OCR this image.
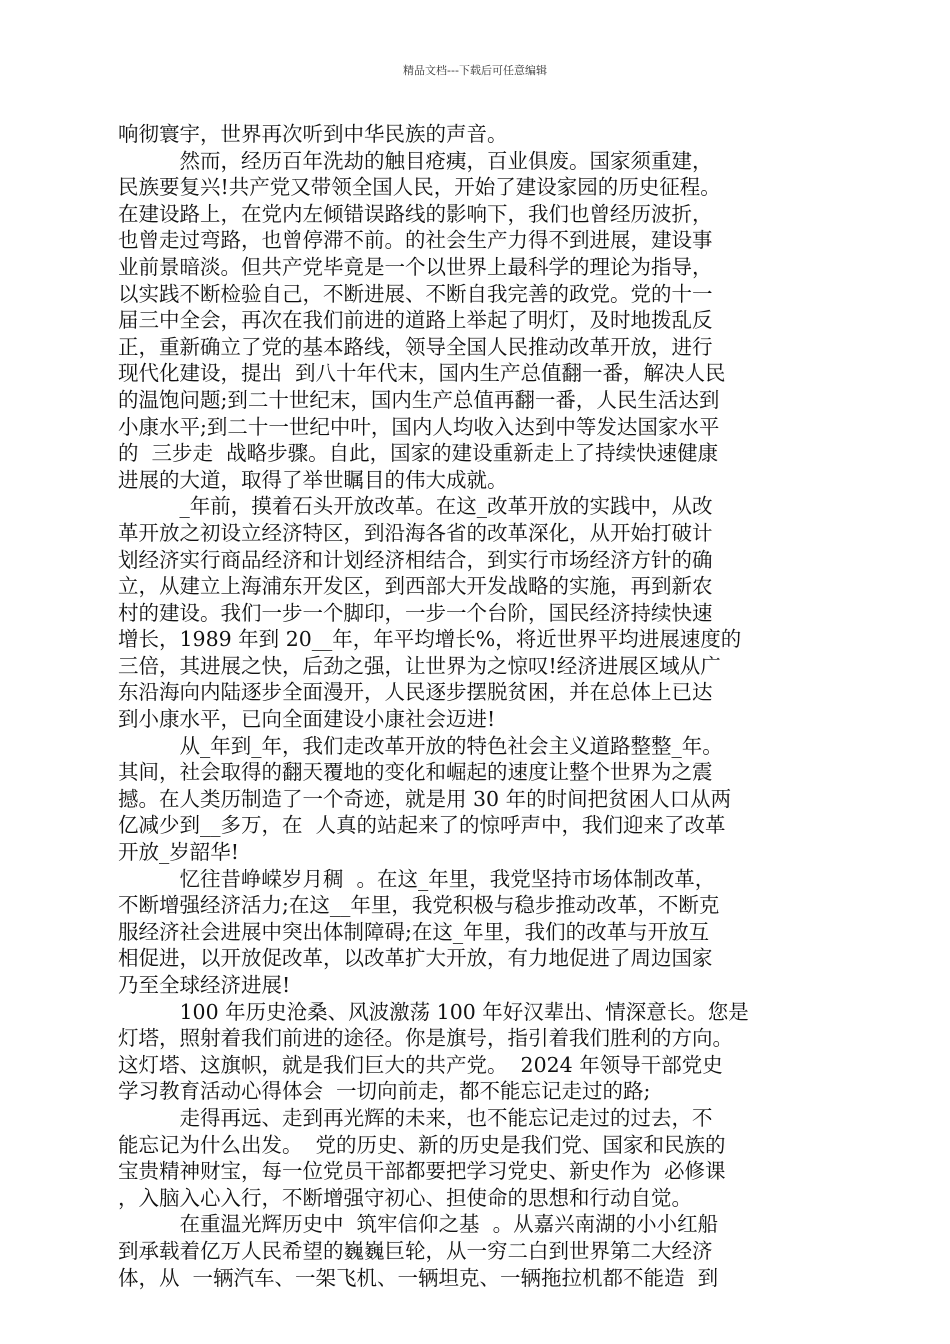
精品文档---下载后可任意编辑
响彻寰宇，世界再次听到中华民族的声音。
　　　然而，经历百年洗劫的触目疮痍，百业俱废。国家须重建，
民族要复兴!共产党又带领全国人民，开始了建设家园的历史征程。
在建设路上，在党内左倾错误路线的影响下，我们也曾经历波折，
也曾走过弯路，也曾停滞不前。的社会生产力得不到进展，建设事
业前景暗淡。但共产党毕竟是一个以世界上最科学的理论为指导，
以实践不断检验自己，不断进展、不断自我完善的政党。党的十一
届三中全会，再次在我们前进的道路上举起了明灯，及时地拨乱反
正，重新确立了党的基本路线，领导全国人民推动改革开放，进行
现代化建设，提出  到八十年代末，国内生产总值翻一番，解决人民
的温饱问题;到二十世纪末，国内生产总值再翻一番，人民生活达到
小康水平;到二十一世纪中叶，国内人均收入达到中等发达国家水平
的  三步走  战略步骤。自此，国家的建设重新走上了持续快速健康
进展的大道，取得了举世瞩目的伟大成就。
　　　_年前，摸着石头开放改革。在这_改革开放的实践中，从改
革开放之初设立经济特区，到沿海各省的改革深化，从开始打破计
划经济实行商品经济和计划经济相结合，到实行市场经济方针的确
立，从建立上海浦东开发区，到西部大开发战略的实施，再到新农
村的建设。我们一步一个脚印，一步一个台阶，国民经济持续快速
增长，1989 年到 20__年，年平均增长%，将近世界平均进展速度的
三倍，其进展之快，后劲之强，让世界为之惊叹!经济进展区域从广
东沿海向内陆逐步全面漫开，人民逐步摆脱贫困，并在总体上已达
到小康水平，已向全面建设小康社会迈进!
　　　从_年到_年，我们走改革开放的特色社会主义道路整整_年。
其间，社会取得的翻天覆地的变化和崛起的速度让整个世界为之震
撼。在人类历制造了一个奇迹，就是用 30 年的时间把贫困人口从两
亿减少到__多万，在  人真的站起来了的惊呼声中，我们迎来了改革
开放_岁韶华!
　　　忆往昔峥嵘岁月稠  。在这_年里，我党坚持市场体制改革，
不断增强经济活力;在这__年里，我党积极与稳步推动改革，不断克
服经济社会进展中突出体制障碍;在这_年里，我们的改革与开放互
相促进，以开放促改革，以改革扩大开放，有力地促进了周边国家
乃至全球经济进展!
　　　100 年历史沧桑、风波激荡 100 年好汉辈出、情深意长。您是
灯塔，照射着我们前进的途径。你是旗号，指引着我们胜利的方向。
这灯塔、这旗帜，就是我们巨大的共产党。  2024 年领导干部党史
学习教育活动心得体会  一切向前走，都不能忘记走过的路;
　　　走得再远、走到再光辉的未来，也不能忘记走过的过去，不
能忘记为什么出发。  党的历史、新的历史是我们党、国家和民族的
宝贵精神财宝，每一位党员干部都要把学习党史、新史作为  必修课
，入脑入心入行，不断增强守初心、担使命的思想和行动自觉。
　　　在重温光辉历史中  筑牢信仰之基  。从嘉兴南湖的小小红船
到承载着亿万人民希望的巍巍巨轮，从一穷二白到世界第二大经济
体，从  一辆汽车、一架飞机、一辆坦克、一辆拖拉机都不能造  到
